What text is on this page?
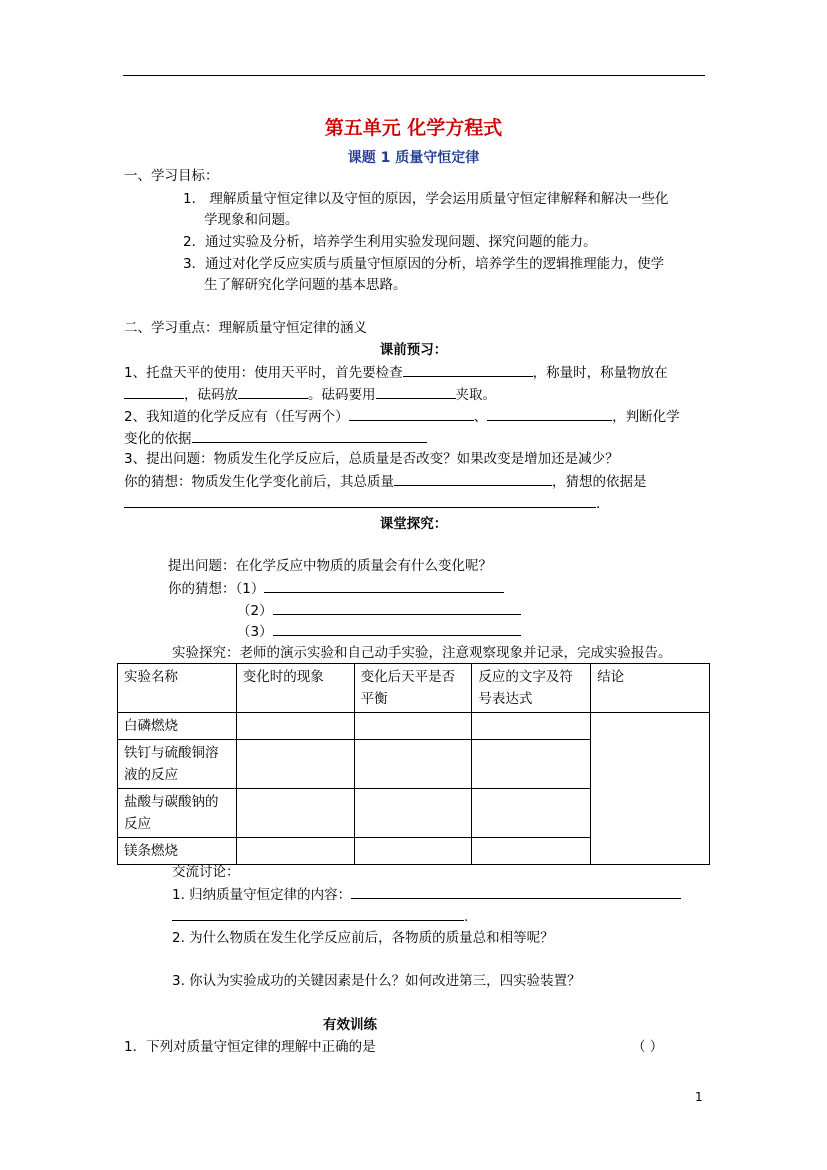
第五单元 化学方程式
课题 1 质量守恒定律
一、学习目标：
1． 理解质量守恒定律以及守恒的原因，学会运用质量守恒定律解释和解决一些化
学现象和问题。
2．通过实验及分析，培养学生利用实验发现问题、探究问题的能力。
3．通过对化学反应实质与质量守恒原因的分析，培养学生的逻辑推理能力，使学
生了解研究化学问题的基本思路。
二、学习重点：理解质量守恒定律的涵义
课前预习：
1、托盘天平的使用：使用天平时，首先要检查	，称量时，称量物放在
，砝码放	。砝码要用	夹取。
2、我知道的化学反应有（任写两个）	、	，判断化学
变化的依据
3、提出问题：物质发生化学反应后，总质量是否改变？如果改变是增加还是减少？
你的猜想：物质发生化学变化前后，其总质量	，猜想的依据是
.
课堂探究：
提出问题：在化学反应中物质的质量会有什么变化呢？
你的猜想：（1）
（2）
（3）
实验探究：老师的演示实验和自己动手实验，注意观察现象并记录，完成实验报告。
实验名称	变化时的现象	变化后天平是否平衡	反应的文字及符号表达式	结论
白磷燃烧				
铁钉与硫酸铜溶液的反应				
盐酸与碳酸钠的反应				
镁条燃烧				
交流讨论：
1. 归纳质量守恒定律的内容：
.
2. 为什么物质在发生化学反应前后，各物质的质量总和相等呢？
3. 你认为实验成功的关键因素是什么？如何改进第三，四实验装置？
有效训练
1．下列对质量守恒定律的理解中正确的是	（ ）
1
